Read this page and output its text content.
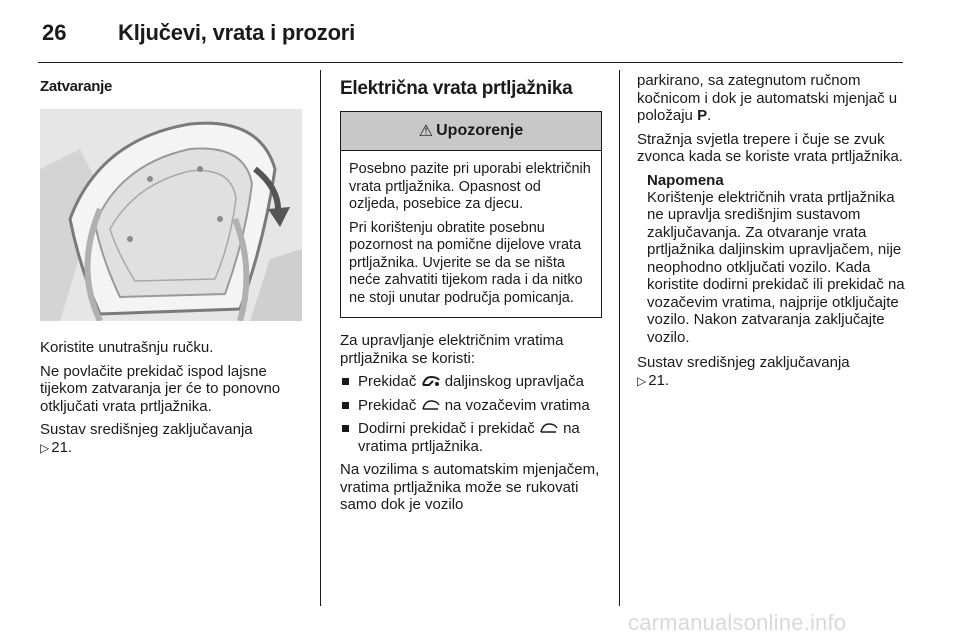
26 Ključevi, vrata i prozori
Zatvaranje

Koristite unutrašnju ručku.

Ne povlačite prekidač ispod lajsne tijekom zatvaranja jer će to ponovno otključati vrata prtljažnika.

Sustav središnjeg zaključavanja
▷ 21.

Električna vrata prtljažnika
⚠ Upozorenje

Posebno pazite pri uporabi električnih vrata prtljažnika. Opasnost od ozljeda, posebice za djecu.

Pri korištenju obratite posebnu pozornost na pomične dijelove vrata prtljažnika. Uvjerite se da se ništa neće zahvatiti tijekom rada i da nitko ne stoji unutar područja pomicanja.

Za upravljanje električnim vratima prtljažnika se koristi:

Prekidač daljinskog upravljača
Prekidač na vozačevim vratima
Dodirni prekidač i prekidač na vratima prtljažnika.

Na vozilima s automatskim mjenjačem, vratima prtljažnika može se rukovati samo dok je vozilo

parkirano, sa zategnutom ručnom kočnicom i dok je automatski mjenjač u položaju P.

Stražnja svjetla trepere i čuje se zvuk zvonca kada se koriste vrata prtljažnika.

Napomena

Korištenje električnih vrata prtljažnika ne upravlja središnjim sustavom zaključavanja. Za otvaranje vrata prtljažnika daljinskim upravljačem, nije neophodno otključati vozilo. Kada koristite dodirni prekidač ili prekidač na vozačevim vratima, najprije otključajte vozilo. Nakon zatvaranja zaključajte vozilo.

Sustav središnjeg zaključavanja
▷ 21.

carmanualsonline.info
